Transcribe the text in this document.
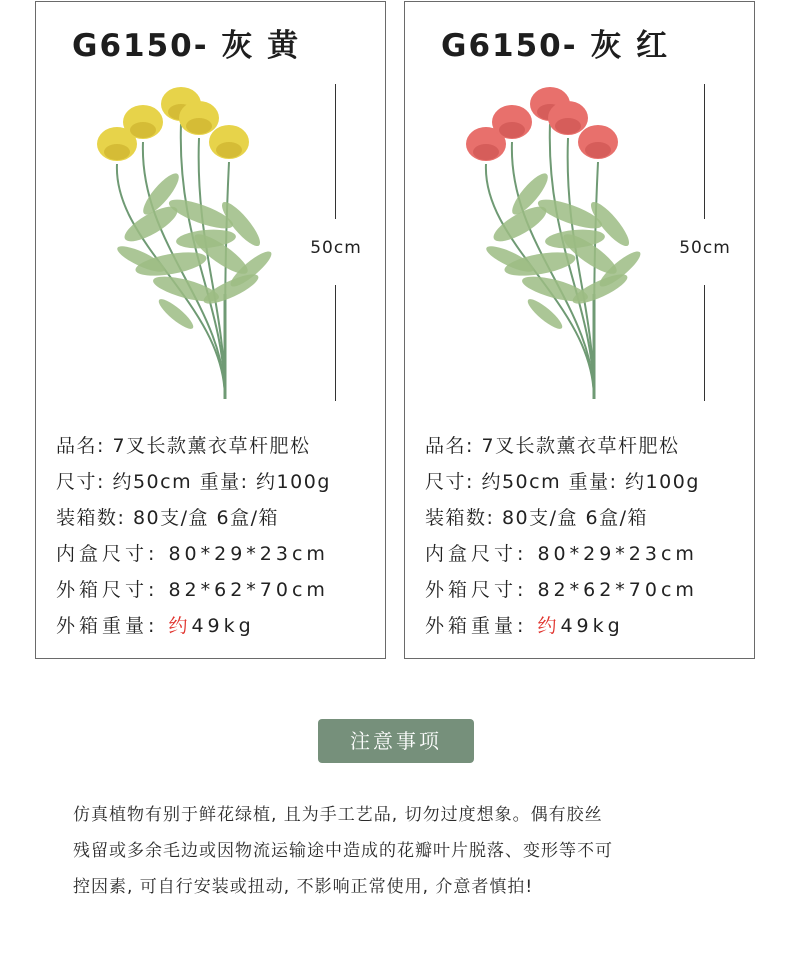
G6150- 灰 黄
50cm
品名: 7叉长款薰衣草杆肥松
尺寸: 约50cm 重量: 约100g
装箱数: 80支/盒 6盒/箱
内盒尺寸: 80*29*23cm
外箱尺寸: 82*62*70cm
外箱重量: 约49kg
G6150- 灰 红
50cm
品名: 7叉长款薰衣草杆肥松
尺寸: 约50cm 重量: 约100g
装箱数: 80支/盒 6盒/箱
内盒尺寸: 80*29*23cm
外箱尺寸: 82*62*70cm
外箱重量: 约49kg
注意事项
仿真植物有别于鲜花绿植, 且为手工艺品, 切勿过度想象。偶有胶丝
残留或多余毛边或因物流运输途中造成的花瓣叶片脱落、变形等不可
控因素, 可自行安装或扭动, 不影响正常使用, 介意者慎拍!
